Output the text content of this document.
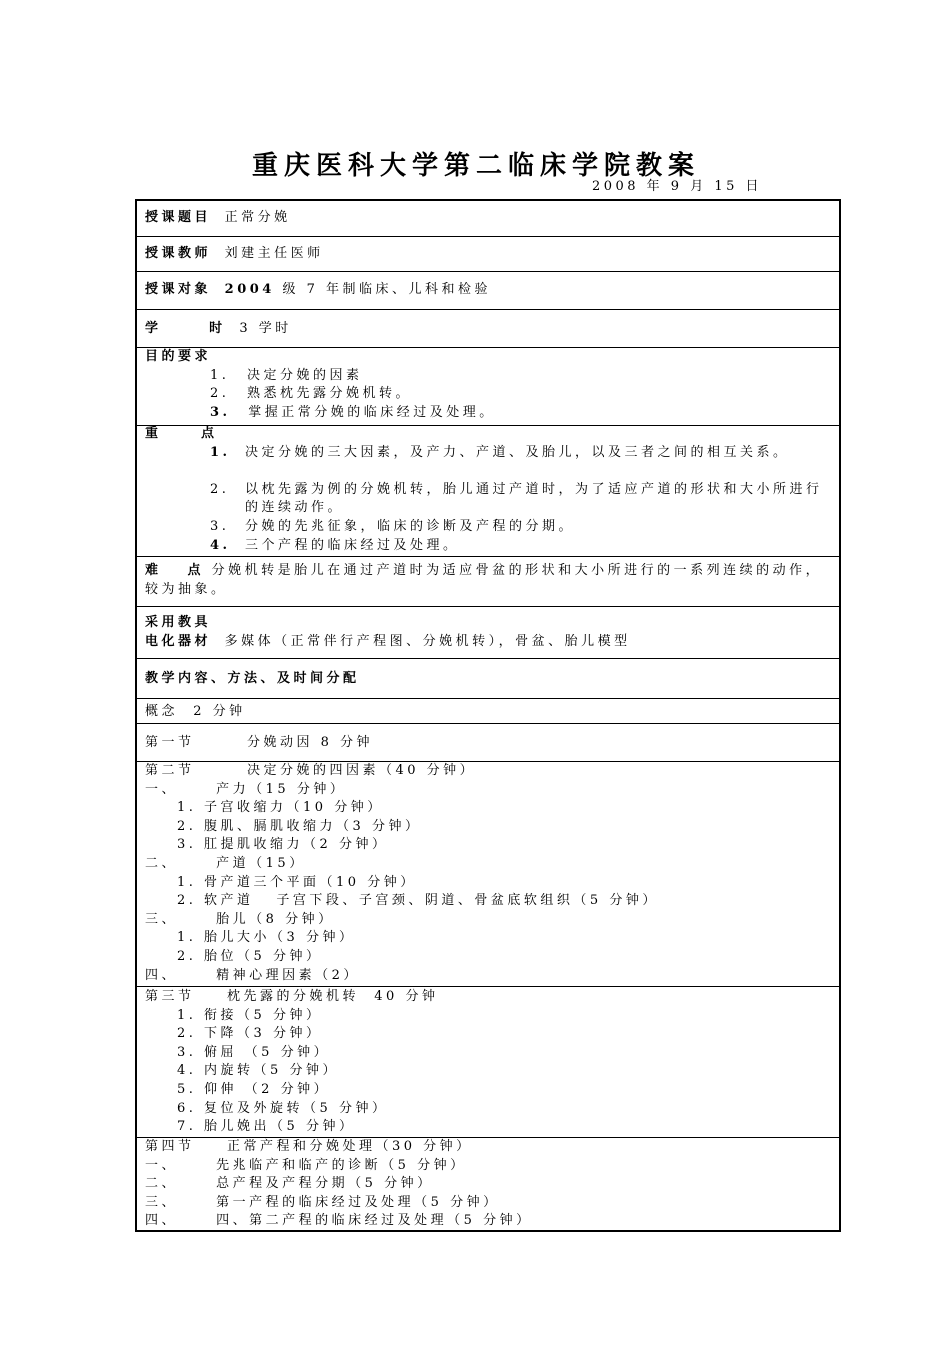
重庆医科大学第二临床学院教案
2008 年 9 月 15 日
授课题目 正常分娩
授课教师 刘建主任医师
授课对象 2004 级 7 年制临床、儿科和检验
学	时 3 学时
目的要求
1. 决定分娩的因素
2. 熟悉枕先露分娩机转。
3. 掌握正常分娩的临床经过及处理。
重	点
1. 决定分娩的三大因素，及产力、产道、及胎儿，以及三者之间的相互关系。
2. 以枕先露为例的分娩机转，胎儿通过产道时，为了适应产道的形状和大小所进行的连续动作。
3. 分娩的先兆征象，临床的诊断及产程的分期。
4. 三个产程的临床经过及处理。
难 点 分娩机转是胎儿在通过产道时为适应骨盆的形状和大小所进行的一系列连续的动作，较为抽象。
采用教具
电化器材 多媒体（正常伴行产程图、分娩机转），骨盆、胎儿模型
教学内容、方法、及时间分配
概念  2 分钟
第一节	分娩动因 8 分钟
第二节	决定分娩的四因素（40 分钟）
一、     产力（15 分钟）
1. 子宫收缩力（10 分钟）
2. 腹肌、膈肌收缩力（3 分钟）
3. 肛提肌收缩力（2 分钟）
二、     产道（15）
1. 骨产道三个平面（10 分钟）
2. 软产道   子宫下段、子宫颈、阴道、骨盆底软组织（5 分钟）
三、     胎儿（8 分钟）
1. 胎儿大小（3 分钟）
2. 胎位（5 分钟）
四、     精神心理因素（2）
第三节 枕先露的分娩机转  40 分钟
1. 衔接（5 分钟）
2. 下降（3 分钟）
3. 俯屈 （5 分钟）
4. 内旋转（5 分钟）
5. 仰伸 （2 分钟）
6. 复位及外旋转（5 分钟）
7. 胎儿娩出（5 分钟）
第四节 正常产程和分娩处理（30 分钟）
一、     先兆临产和临产的诊断（5 分钟）
二、     总产程及产程分期（5 分钟）
三、     第一产程的临床经过及处理（5 分钟）
四、     四、第二产程的临床经过及处理（5 分钟）
